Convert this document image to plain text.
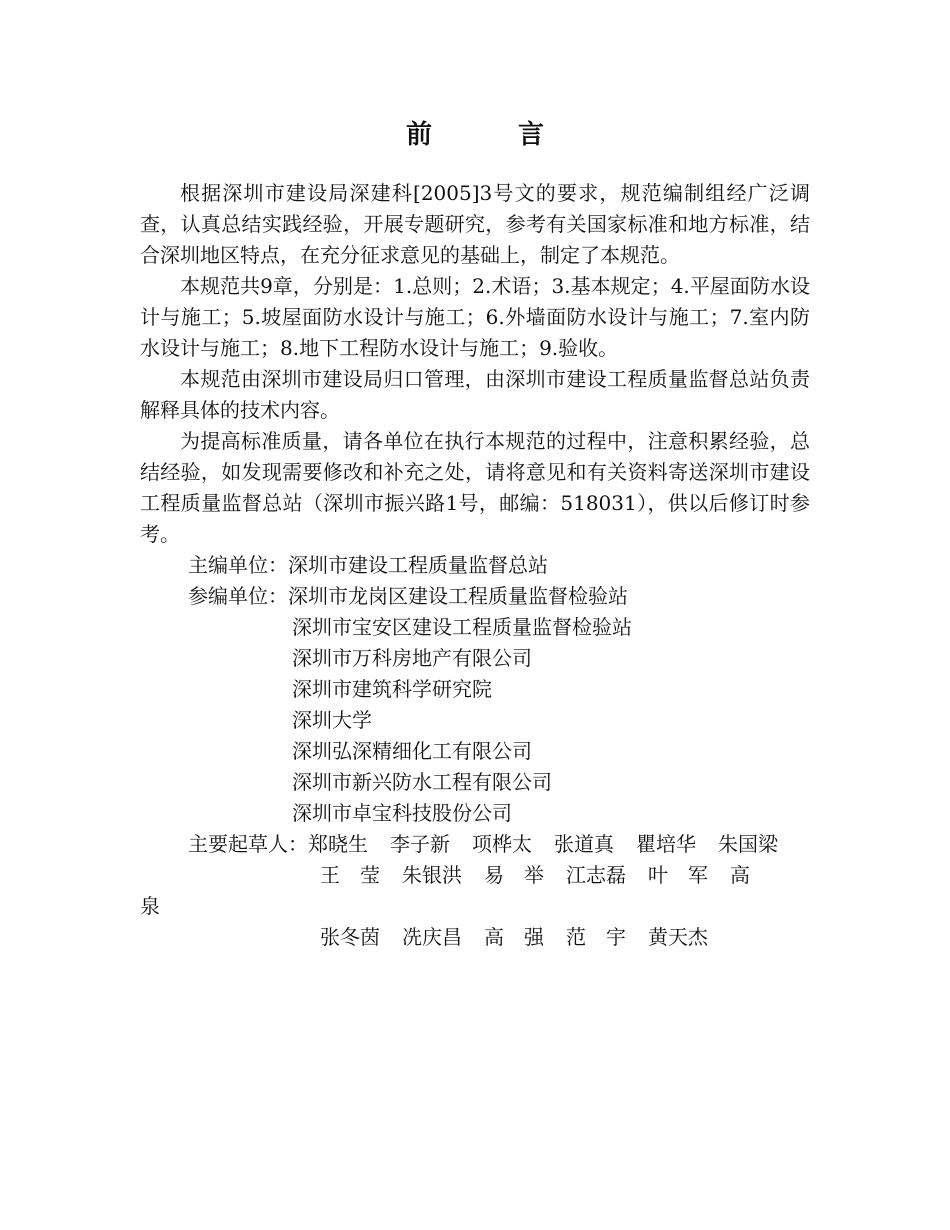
前　言

根据深圳市建设局深建科[2005]3号文的要求，规范编制组经广泛调查，认真总结实践经验，开展专题研究，参考有关国家标准和地方标准，结合深圳地区特点，在充分征求意见的基础上，制定了本规范。

本规范共9章，分别是：1.总则；2.术语；3.基本规定；4.平屋面防水设计与施工；5.坡屋面防水设计与施工；6.外墙面防水设计与施工；7.室内防水设计与施工；8.地下工程防水设计与施工；9.验收。

本规范由深圳市建设局归口管理，由深圳市建设工程质量监督总站负责解释具体的技术内容。

为提高标准质量，请各单位在执行本规范的过程中，注意积累经验，总结经验，如发现需要修改和补充之处，请将意见和有关资料寄送深圳市建设工程质量监督总站（深圳市振兴路1号，邮编：518031），供以后修订时参考。

主编单位：深圳市建设工程质量监督总站
参编单位：深圳市龙岗区建设工程质量监督检验站
深圳市宝安区建设工程质量监督检验站
深圳市万科房地产有限公司
深圳市建筑科学研究院
深圳大学
深圳弘深精细化工有限公司
深圳市新兴防水工程有限公司
深圳市卓宝科技股份公司
主要起草人：郑晓生 李子新 项桦太 张道真 瞿培华 朱国梁
王　莹 朱银洪 易　举 江志磊 叶　军 高
泉
张冬茵 冼庆昌 高　强 范　宇 黄天杰
